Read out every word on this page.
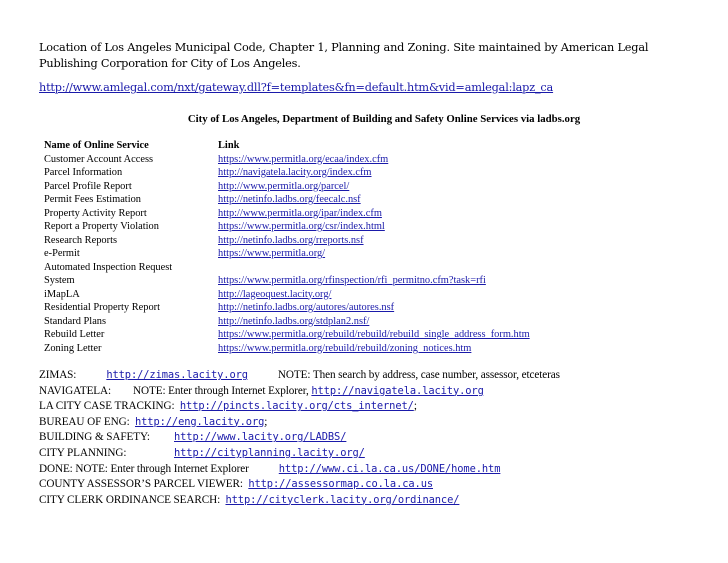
Location of Los Angeles Municipal Code, Chapter 1, Planning and Zoning. Site maintained by American Legal Publishing Corporation for City of Los Angeles.
http://www.amlegal.com/nxt/gateway.dll?f=templates&fn=default.htm&vid=amlegal:lapz_ca
City of Los Angeles, Department of Building and Safety Online Services via ladbs.org
Name of Online Service	Link
Customer Account Access	https://www.permitla.org/ecaa/index.cfm
Parcel Information	http://navigatela.lacity.org/index.cfm
Parcel Profile Report	http://www.permitla.org/parcel/
Permit Fees Estimation	http://netinfo.ladbs.org/feecalc.nsf
Property Activity Report	http://www.permitla.org/ipar/index.cfm
Report a Property Violation	https://www.permitla.org/csr/index.html
Research Reports	http://netinfo.ladbs.org/rreports.nsf
e-Permit	https://www.permitla.org/
Automated Inspection Request	
System	https://www.permitla.org/rfinspection/rfi_permitno.cfm?task=rfi
iMapLA	http://lageoquest.lacity.org/
Residential Property Report	http://netinfo.ladbs.org/autores/autores.nsf
Standard Plans	http://netinfo.ladbs.org/stdplan2.nsf/
Rebuild Letter	https://www.permitla.org/rebuild/rebuild/rebuild_single_address_form.htm
Zoning Letter	https://www.permitla.org/rebuild/rebuild/zoning_notices.htm
ZIMAS:	http://zimas.lacity.org	NOTE: Then search by address, case number, assessor, etceteras
NAVIGATELA: NOTE: Enter through Internet Explorer, http://navigatela.lacity.org
LA CITY CASE TRACKING: http://pincts.lacity.org/cts_internet/;
BUREAU OF ENG: http://eng.lacity.org;
BUILDING & SAFETY: http://www.lacity.org/LADBS/
CITY PLANNING:	http://cityplanning.lacity.org/
DONE: NOTE: Enter through Internet Explorer	http://www.ci.la.ca.us/DONE/home.htm
COUNTY ASSESSOR’S PARCEL VIEWER: http://assessormap.co.la.ca.us
CITY CLERK ORDINANCE SEARCH: http://cityclerk.lacity.org/ordinance/
